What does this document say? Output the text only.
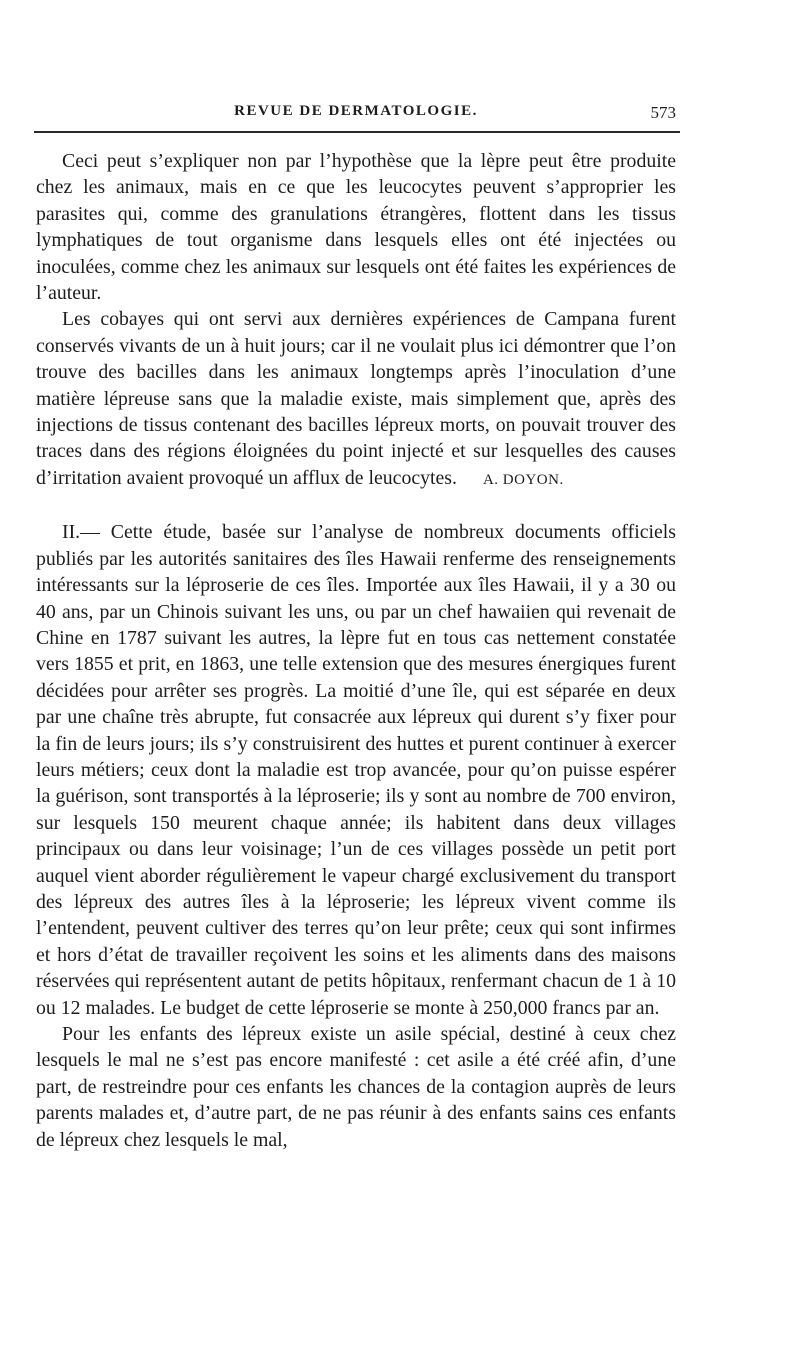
REVUE DE DERMATOLOGIE.	573

Ceci peut s’expliquer non par l’hypothèse que la lèpre peut être produite chez les animaux, mais en ce que les leucocytes peuvent s’approprier les parasites qui, comme des granulations étrangères, flottent dans les tissus lymphatiques de tout organisme dans lesquels elles ont été injectées ou inoculées, comme chez les animaux sur lesquels ont été faites les expériences de l’auteur.

Les cobayes qui ont servi aux dernières expériences de Campana furent conservés vivants de un à huit jours; car il ne voulait plus ici démontrer que l’on trouve des bacilles dans les animaux longtemps après l’inoculation d’une matière lépreuse sans que la maladie existe, mais simplement que, après des injections de tissus contenant des bacilles lépreux morts, on pouvait trouver des traces dans des régions éloignées du point injecté et sur lesquelles des causes d’irritation avaient provoqué un afflux de leucocytes. A. DOYON.

II.— Cette étude, basée sur l’analyse de nombreux documents officiels publiés par les autorités sanitaires des îles Hawaii renferme des renseignements intéressants sur la léproserie de ces îles. Importée aux îles Hawaii, il y a 30 ou 40 ans, par un Chinois suivant les uns, ou par un chef hawaiien qui revenait de Chine en 1787 suivant les autres, la lèpre fut en tous cas nettement constatée vers 1855 et prit, en 1863, une telle extension que des mesures énergiques furent décidées pour arrêter ses progrès. La moitié d’une île, qui est séparée en deux par une chaîne très abrupte, fut consacrée aux lépreux qui durent s’y fixer pour la fin de leurs jours; ils s’y construisirent des huttes et purent continuer à exercer leurs métiers; ceux dont la maladie est trop avancée, pour qu’on puisse espérer la guérison, sont transportés à la léproserie; ils y sont au nombre de 700 environ, sur lesquels 150 meurent chaque année; ils habitent dans deux villages principaux ou dans leur voisinage; l’un de ces villages possède un petit port auquel vient aborder régulièrement le vapeur chargé exclusivement du transport des lépreux des autres îles à la léproserie; les lépreux vivent comme ils l’entendent, peuvent cultiver des terres qu’on leur prête; ceux qui sont infirmes et hors d’état de travailler reçoivent les soins et les aliments dans des maisons réservées qui représentent autant de petits hôpitaux, renfermant chacun de 1 à 10 ou 12 malades. Le budget de cette léproserie se monte à 250,000 francs par an.

Pour les enfants des lépreux existe un asile spécial, destiné à ceux chez lesquels le mal ne s’est pas encore manifesté : cet asile a été créé afin, d’une part, de restreindre pour ces enfants les chances de la contagion auprès de leurs parents malades et, d’autre part, de ne pas réunir à des enfants sains ces enfants de lépreux chez lesquels le mal,
